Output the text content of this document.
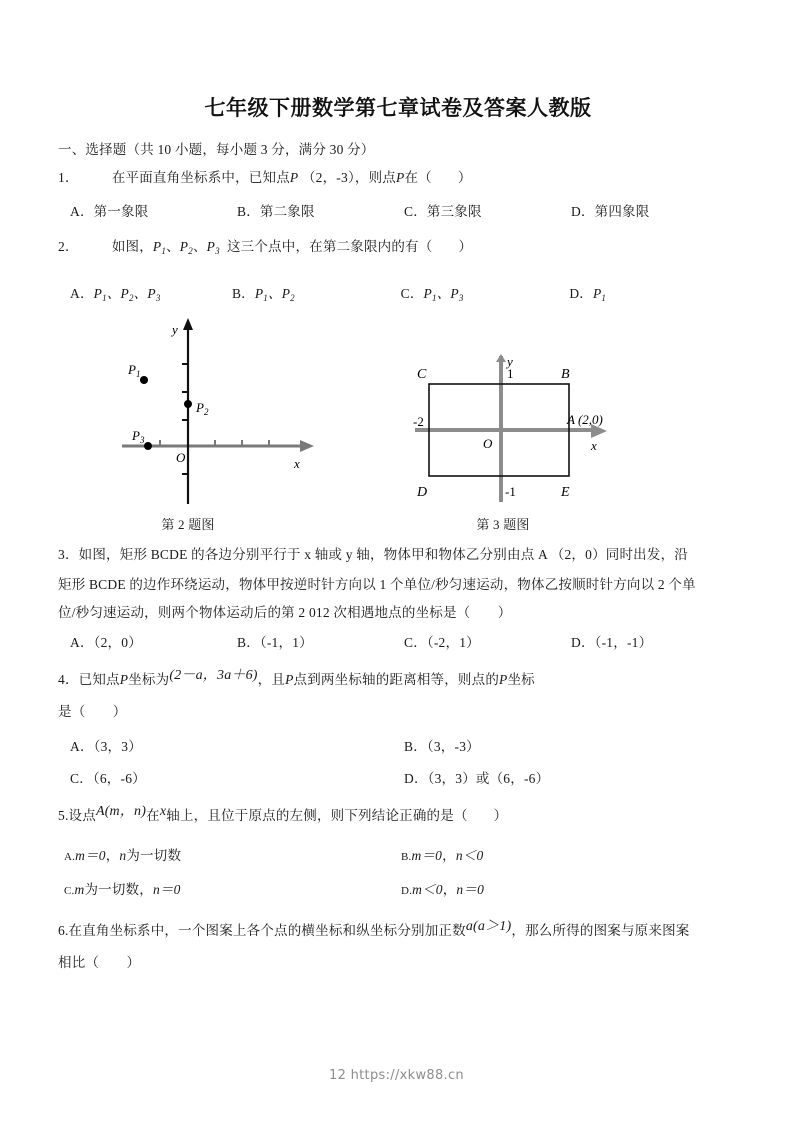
七年级下册数学第七章试卷及答案人教版
一、选择题（共 10 小题，每小题 3 分，满分 30 分）
1． 在平面直角坐标系中，已知点P （2，-3），则点P在（ ）
A．第一象限	B．第二象限	C．第三象限	D．第四象限
2． 如图，$P_1$、$P_2$、$P_3$ 这三个点中，在第二象限内的有（ ）
A．$P_1$、$P_2$、$P_3$	B．$P_1$、$P_2$	C．$P_1$、$P_3$	D．$P_1$
$P_1$
$P_2$
$P_3$
O	x
y
C	B
D	E
1
-1
-2
O
A (2,0)
x
y
第 2 题图	第 3 题图
3．如图，矩形 BCDE 的各边分别平行于 x 轴或 y 轴，物体甲和物体乙分别由点 A （2，0）同时出发，沿
矩形 BCDE 的边作环绕运动，物体甲按逆时针方向以 1 个单位/秒匀速运动，物体乙按顺时针方向以 2 个单
位/秒匀速运动，则两个物体运动后的第 2 012 次相遇地点的坐标是（　　）
A．（2，0）	B．（-1，1）	C．（-2，1）	D．（-1，-1）
4．已知点P坐标为(2－a，3a＋6)，且P点到两坐标轴的距离相等，则点的P坐标
是（　　）
A．（3，3）	B．（3，-3）
C．（6，-6）	D．（3，3）或（6，-6）
5.设点A(m，n)在x轴上，且位于原点的左侧，则下列结论正确的是（ ）
A.m＝0，n为一切数	B.m＝0，n＜0
C.m为一切数，n＝0	D.m＜0，n＝0
6.在直角坐标系中，一个图案上各个点的横坐标和纵坐标分别加正数a(a＞1)，那么所得的图案与原来图案
相比（　　）
12 https://xkw88.cn
